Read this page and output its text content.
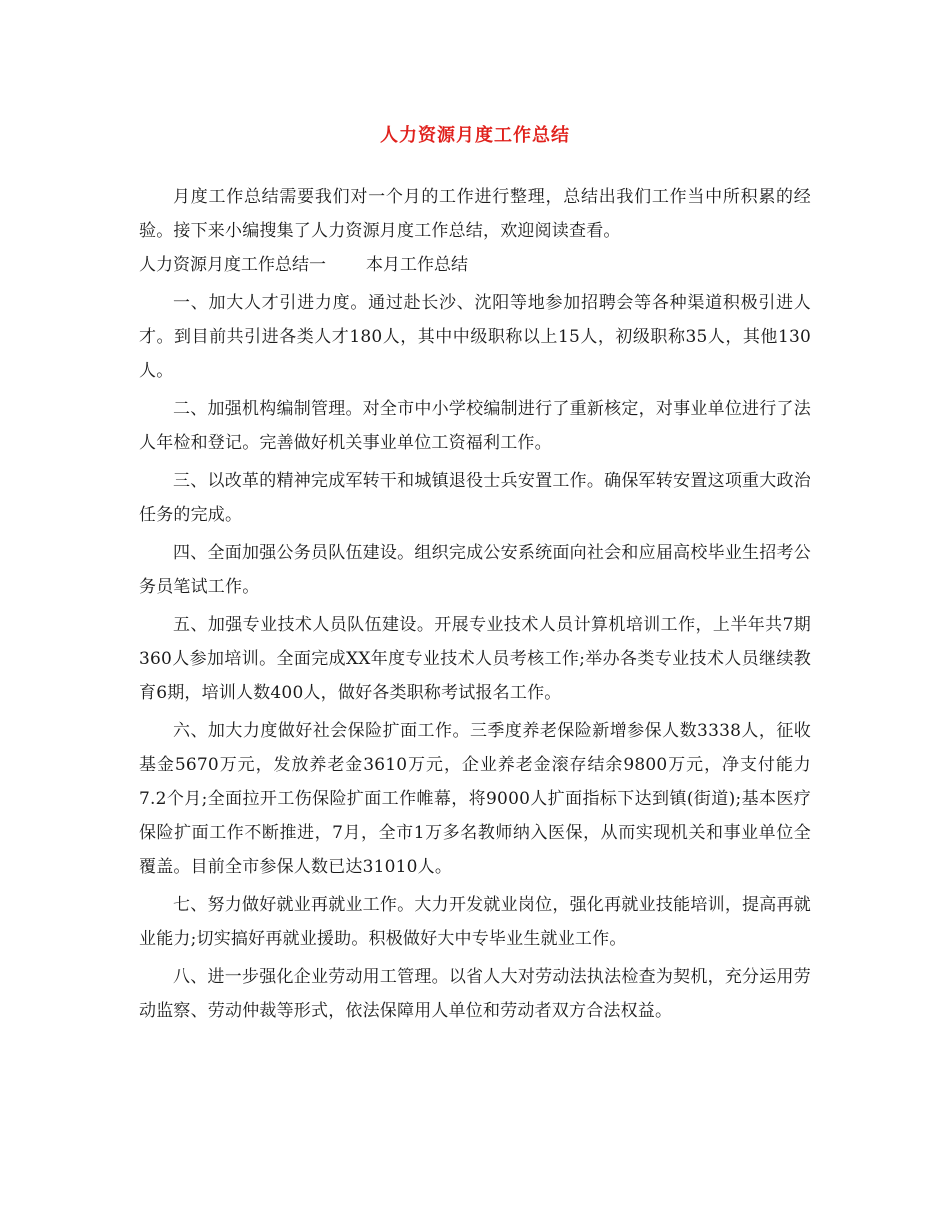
人力资源月度工作总结

月度工作总结需要我们对一个月的工作进行整理，总结出我们工作当中所积累的经验。接下来小编搜集了人力资源月度工作总结，欢迎阅读查看。

人力资源月度工作总结一 本月工作总结

一、加大人才引进力度。通过赴长沙、沈阳等地参加招聘会等各种渠道积极引进人才。到目前共引进各类人才180人，其中中级职称以上15人，初级职称35人，其他130人。

二、加强机构编制管理。对全市中小学校编制进行了重新核定，对事业单位进行了法人年检和登记。完善做好机关事业单位工资福利工作。

三、以改革的精神完成军转干和城镇退役士兵安置工作。确保军转安置这项重大政治任务的完成。

四、全面加强公务员队伍建设。组织完成公安系统面向社会和应届高校毕业生招考公务员笔试工作。

五、加强专业技术人员队伍建设。开展专业技术人员计算机培训工作，上半年共7期360人参加培训。全面完成XX年度专业技术人员考核工作;举办各类专业技术人员继续教育6期，培训人数400人，做好各类职称考试报名工作。

六、加大力度做好社会保险扩面工作。三季度养老保险新增参保人数3338人，征收基金5670万元，发放养老金3610万元，企业养老金滚存结余9800万元，净支付能力7.2个月;全面拉开工伤保险扩面工作帷幕，将9000人扩面指标下达到镇(街道);基本医疗保险扩面工作不断推进，7月，全市1万多名教师纳入医保，从而实现机关和事业单位全覆盖。目前全市参保人数已达31010人。

七、努力做好就业再就业工作。大力开发就业岗位，强化再就业技能培训，提高再就业能力;切实搞好再就业援助。积极做好大中专毕业生就业工作。

八、进一步强化企业劳动用工管理。以省人大对劳动法执法检查为契机，充分运用劳动监察、劳动仲裁等形式，依法保障用人单位和劳动者双方合法权益。
